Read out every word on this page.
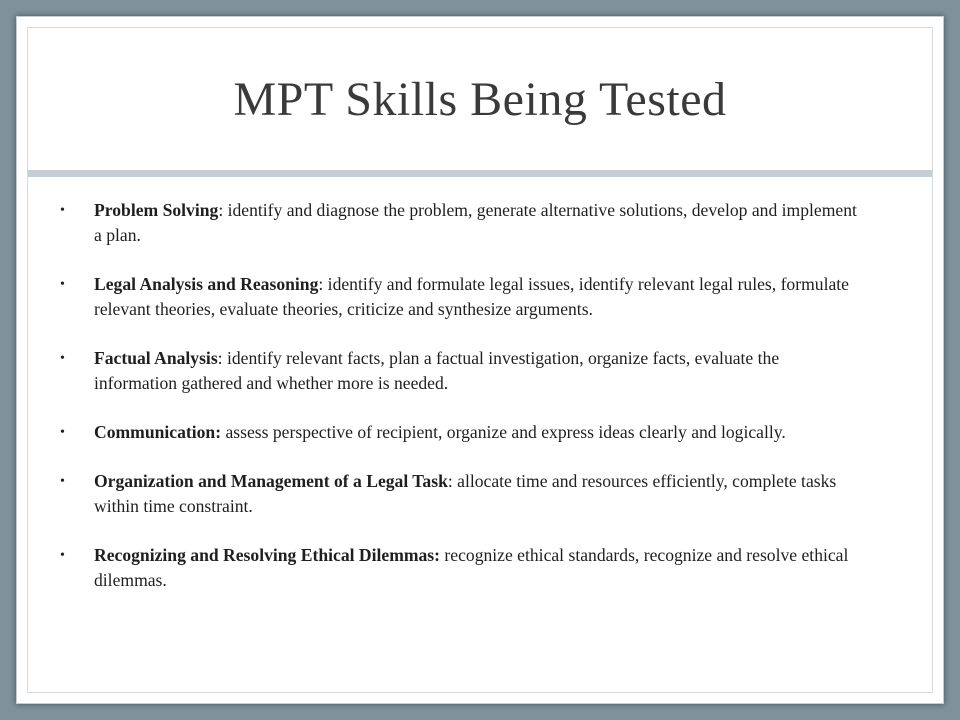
MPT Skills Being Tested
• Problem Solving: identify and diagnose the problem, generate alternative solutions, develop and implement a plan.
• Legal Analysis and Reasoning: identify and formulate legal issues, identify relevant legal rules, formulate relevant theories, evaluate theories, criticize and synthesize arguments.
• Factual Analysis: identify relevant facts, plan a factual investigation, organize facts, evaluate the information gathered and whether more is needed.
• Communication: assess perspective of recipient, organize and express ideas clearly and logically.
• Organization and Management of a Legal Task: allocate time and resources efficiently, complete tasks within time constraint.
• Recognizing and Resolving Ethical Dilemmas: recognize ethical standards, recognize and resolve ethical dilemmas.
